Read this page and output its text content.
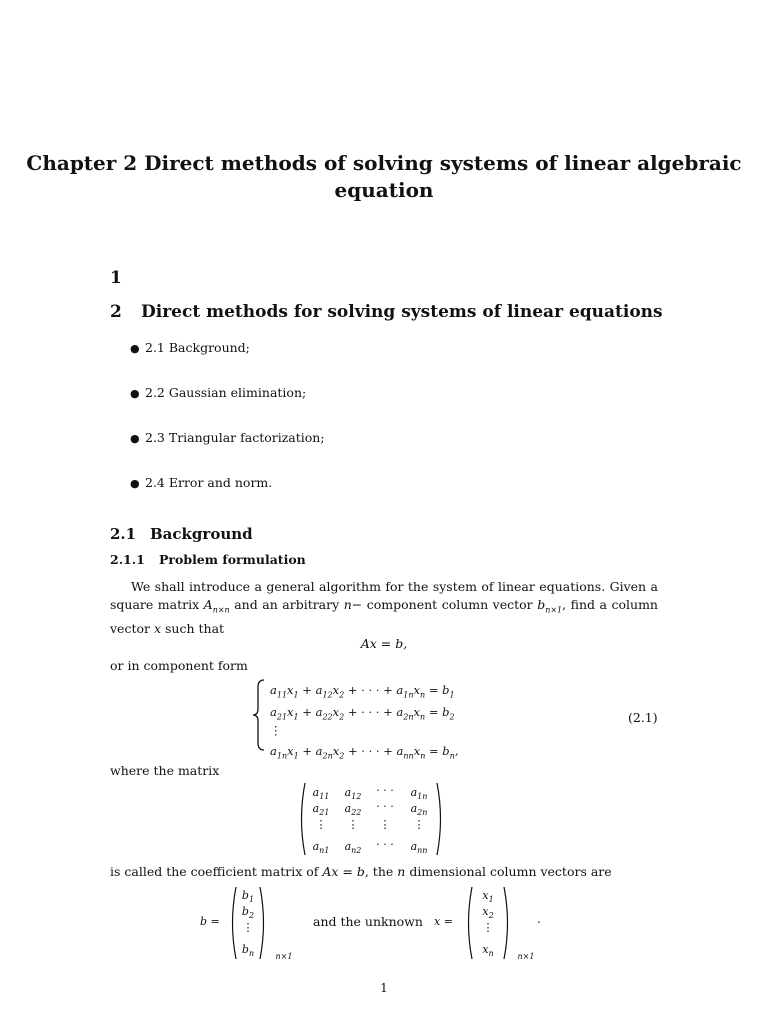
Chapter 2 Direct methods of solving systems of linear algebraic equation
1
2 Direct methods for solving systems of linear equations
● 2.1 Background;
● 2.2 Gaussian elimination;
● 2.3 Triangular factorization;
● 2.4 Error and norm.
2.1 Background
2.1.1 Problem formulation
We shall introduce a general algorithm for the system of linear equations. Given a square matrix $A_{n\times n}$ and an arbitrary n− component column vector $b_{n\times 1}$, find a column vector x such that
Ax = b,
or in component form
$a_{11}x_1 + a_{12}x_2$ + · · · + $a_{1n}x_n = b_1$
$a_{21}x_1 + a_{22}x_2$ + · · · + $a_{2n}x_n = b_2$
⋮
$a_{1n}x_1 + a_{2n}x_2$ + · · · + $a_{nn}x_n = b_n$,
(2.1)
where the matrix
$a_{11}$	$a_{12}$	· · ·	$a_{1n}$
$a_{21}$	$a_{22}$	· · ·	$a_{2n}$
⋮	⋮	⋮	⋮
$a_{n1}$	$a_{n2}$	· · ·	$a_{nn}$
is called the coefficient matrix of Ax = b, the n dimensional column vectors are
b =
$b_1$
$b_2$
⋮
$b_n$	n×1
and the unknown x =
$x_1$
$x_2$
⋮
$x_n$	n×1
.
1
